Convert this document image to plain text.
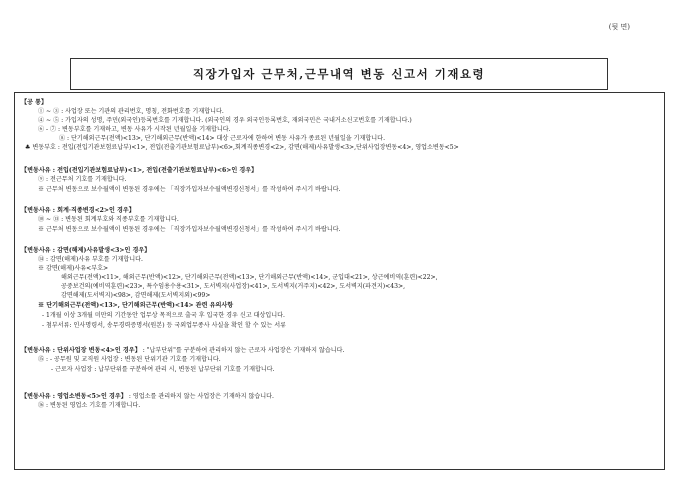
(뒷 면)
직장가입자 근무처,근무내역 변동 신고서 기재요령
【공 통】
① ~ ③ : 사업장 또는 기관의 관리번호, 명칭, 전화번호를 기재합니다.
④ ~ ⑤ : 가입자의 성명, 주민(외국인)등록번호를 기재합니다. (외국인의 경우 외국인등록번호, 재외국민은 국내거소신고번호를 기재합니다.)
⑥ - ⑦ : 변동부호를 기재하고, 변동 사유가 시작된 년월일을 기재합니다.
⑧ : 단기해외근무(전액)<13>, 단기해외근무(반액)<14> 대상 근로자에 한하여 변동 사유가 종료된 년월일을 기재합니다.
♣ 변동부호 : 전입(전입기관보험료납부)<1>, 전입(전출기관보험료납부)<6>,회계직종변경<2>, 감면(해제)사유발생<3>,단위사업장변동<4>, 영업소변동<5>
【변동사유 : 전입(전입기관보험료납부)<1>, 전입(전출기관보험료납부)<6>인 경우】
⑨ : 전근무처 기호를 기재합니다.
※ 근무처 변동으로 보수월액이 변동된 경우에는 「직장가입자보수월액변경신청서」를 작성하여 주시기 바랍니다.
【변동사유 : 회계·직종변경<2>인 경우】
⑩ ~ ⑬ : 변동된 회계부호와 직종부호를 기재합니다.
※ 근무처 변동으로 보수월액이 변동된 경우에는 「직장가입자보수월액변경신청서」를 작성하여 주시기 바랍니다.
【변동사유 : 감면(해제)사유발생<3>인 경우】
⑭ : 감면(해제)사유 부호를 기재합니다.
※ 감면(해제)사유<부호>
해외근무(전액)<11>, 해외근무(반액)<12>, 단기해외근무(전액)<13>, 단기해외근무(반액)<14>, 군입대<21>, 상근예비역(훈련)<22>,
공중보건의(예비역훈련)<23>, 특수임용수용<31>, 도서벽지(사업장)<41>, 도서벽지(거주지)<42>, 도서벽지(파견지)<43>,
감면해제(도서벽지)<98>, 감면해제(도서벽지외)<99>
※ 단기해외근무(전액)<13>, 단기해외근무(반액)<14> 관련 유의사항
- 1개월 이상 3개월 미만의 기간동안 업무상 목적으로 출국 후 입국한 경우 신고 대상입니다.
- 첨부서류: 인사명령서, 송무경력증명서(원본) 등 국외업무종사 사실을 확인 할 수 있는 서류
【변동사유 : 단위사업장 변동<4>인 경우】 : "납부단위"를 구분하여 관리하지 않는 근로자 사업장은 기재하지 않습니다.
⑮ : - 공무원 및 교직원 사업장 : 변동된 단위기관 기호를 기재합니다.
- 근로자 사업장 : 납부단위를 구분하여 관리 시, 변동된 납부단위 기호를 기재합니다.
【변동사유 : 영업소변동<5>인 경우】 : 영업소를 관리하지 않는 사업장은 기재하지 않습니다.
⑯ : 변동된 영업소 기호를 기재합니다.
